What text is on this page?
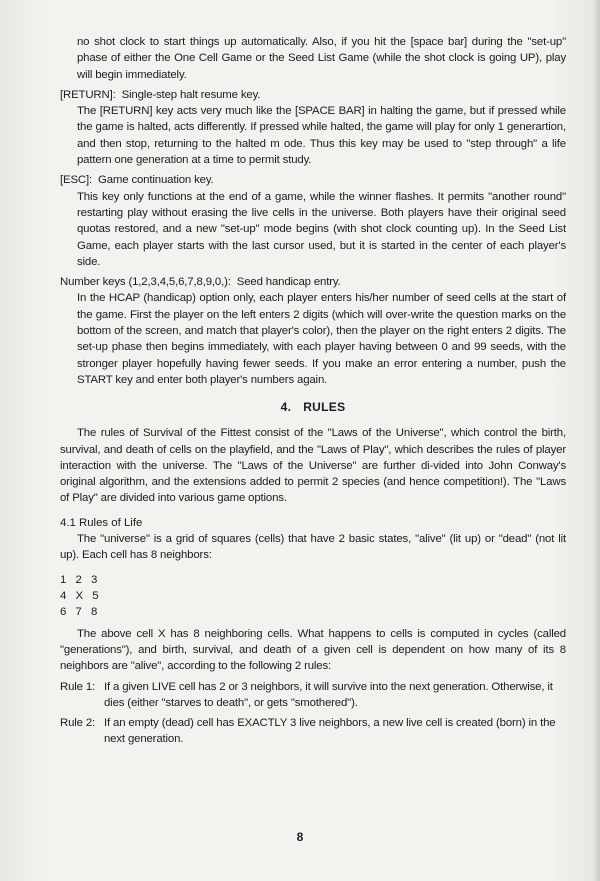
no shot clock to start things up automatically. Also, if you hit the [space bar] during the "set-up" phase of either the One Cell Game or the Seed List Game (while the shot clock is going UP), play will begin immediately.

[RETURN]: Single-step halt resume key.

The [RETURN] key acts very much like the [SPACE BAR] in halting the game, but if pressed while the game is halted, acts differently. If pressed while halted, the game will play for only 1 generartion, and then stop, returning to the halted m ode. Thus this key may be used to "step through" a life pattern one generation at a time to permit study.

[ESC]: Game continuation key.

This key only functions at the end of a game, while the winner flashes. It permits "another round" restarting play without erasing the live cells in the universe. Both players have their original seed quotas restored, and a new "set-up" mode begins (with shot clock counting up). In the Seed List Game, each player starts with the last cursor used, but it is started in the center of each player's side.

Number keys (1,2,3,4,5,6,7,8,9,0,): Seed handicap entry.

In the HCAP (handicap) option only, each player enters his/her number of seed cells at the start of the game. First the player on the left enters 2 digits (which will over-write the question marks on the bottom of the screen, and match that player's color), then the player on the right enters 2 digits. The set-up phase then begins immediately, with each player having between 0 and 99 seeds, with the stronger player hopefully having fewer seeds. If you make an error entering a number, push the START key and enter both player's numbers again.

4. RULES

The rules of Survival of the Fittest consist of the "Laws of the Universe", which control the birth, survival, and death of cells on the playfield, and the "Laws of Play", which describes the rules of player interaction with the universe. The "Laws of the Universe" are further di-vided into John Conway's original algorithm, and the extensions added to permit 2 species (and hence competition!). The "Laws of Play" are divided into various game options.

4.1 Rules of Life

The "universe" is a grid of squares (cells) that have 2 basic states, "alive" (lit up) or "dead" (not lit up). Each cell has 8 neighbors:

1 2 3
4 X 5
6 7 8

The above cell X has 8 neighboring cells. What happens to cells is computed in cycles (called "generations"), and birth, survival, and death of a given cell is dependent on how many of its 8 neighbors are "alive", according to the following 2 rules:

Rule 1: If a given LIVE cell has 2 or 3 neighbors, it will survive into the next generation. Otherwise, it dies (either "starves to death", or gets "smothered").
Rule 2: If an empty (dead) cell has EXACTLY 3 live neighbors, a new live cell is created (born) in the next generation.
8
